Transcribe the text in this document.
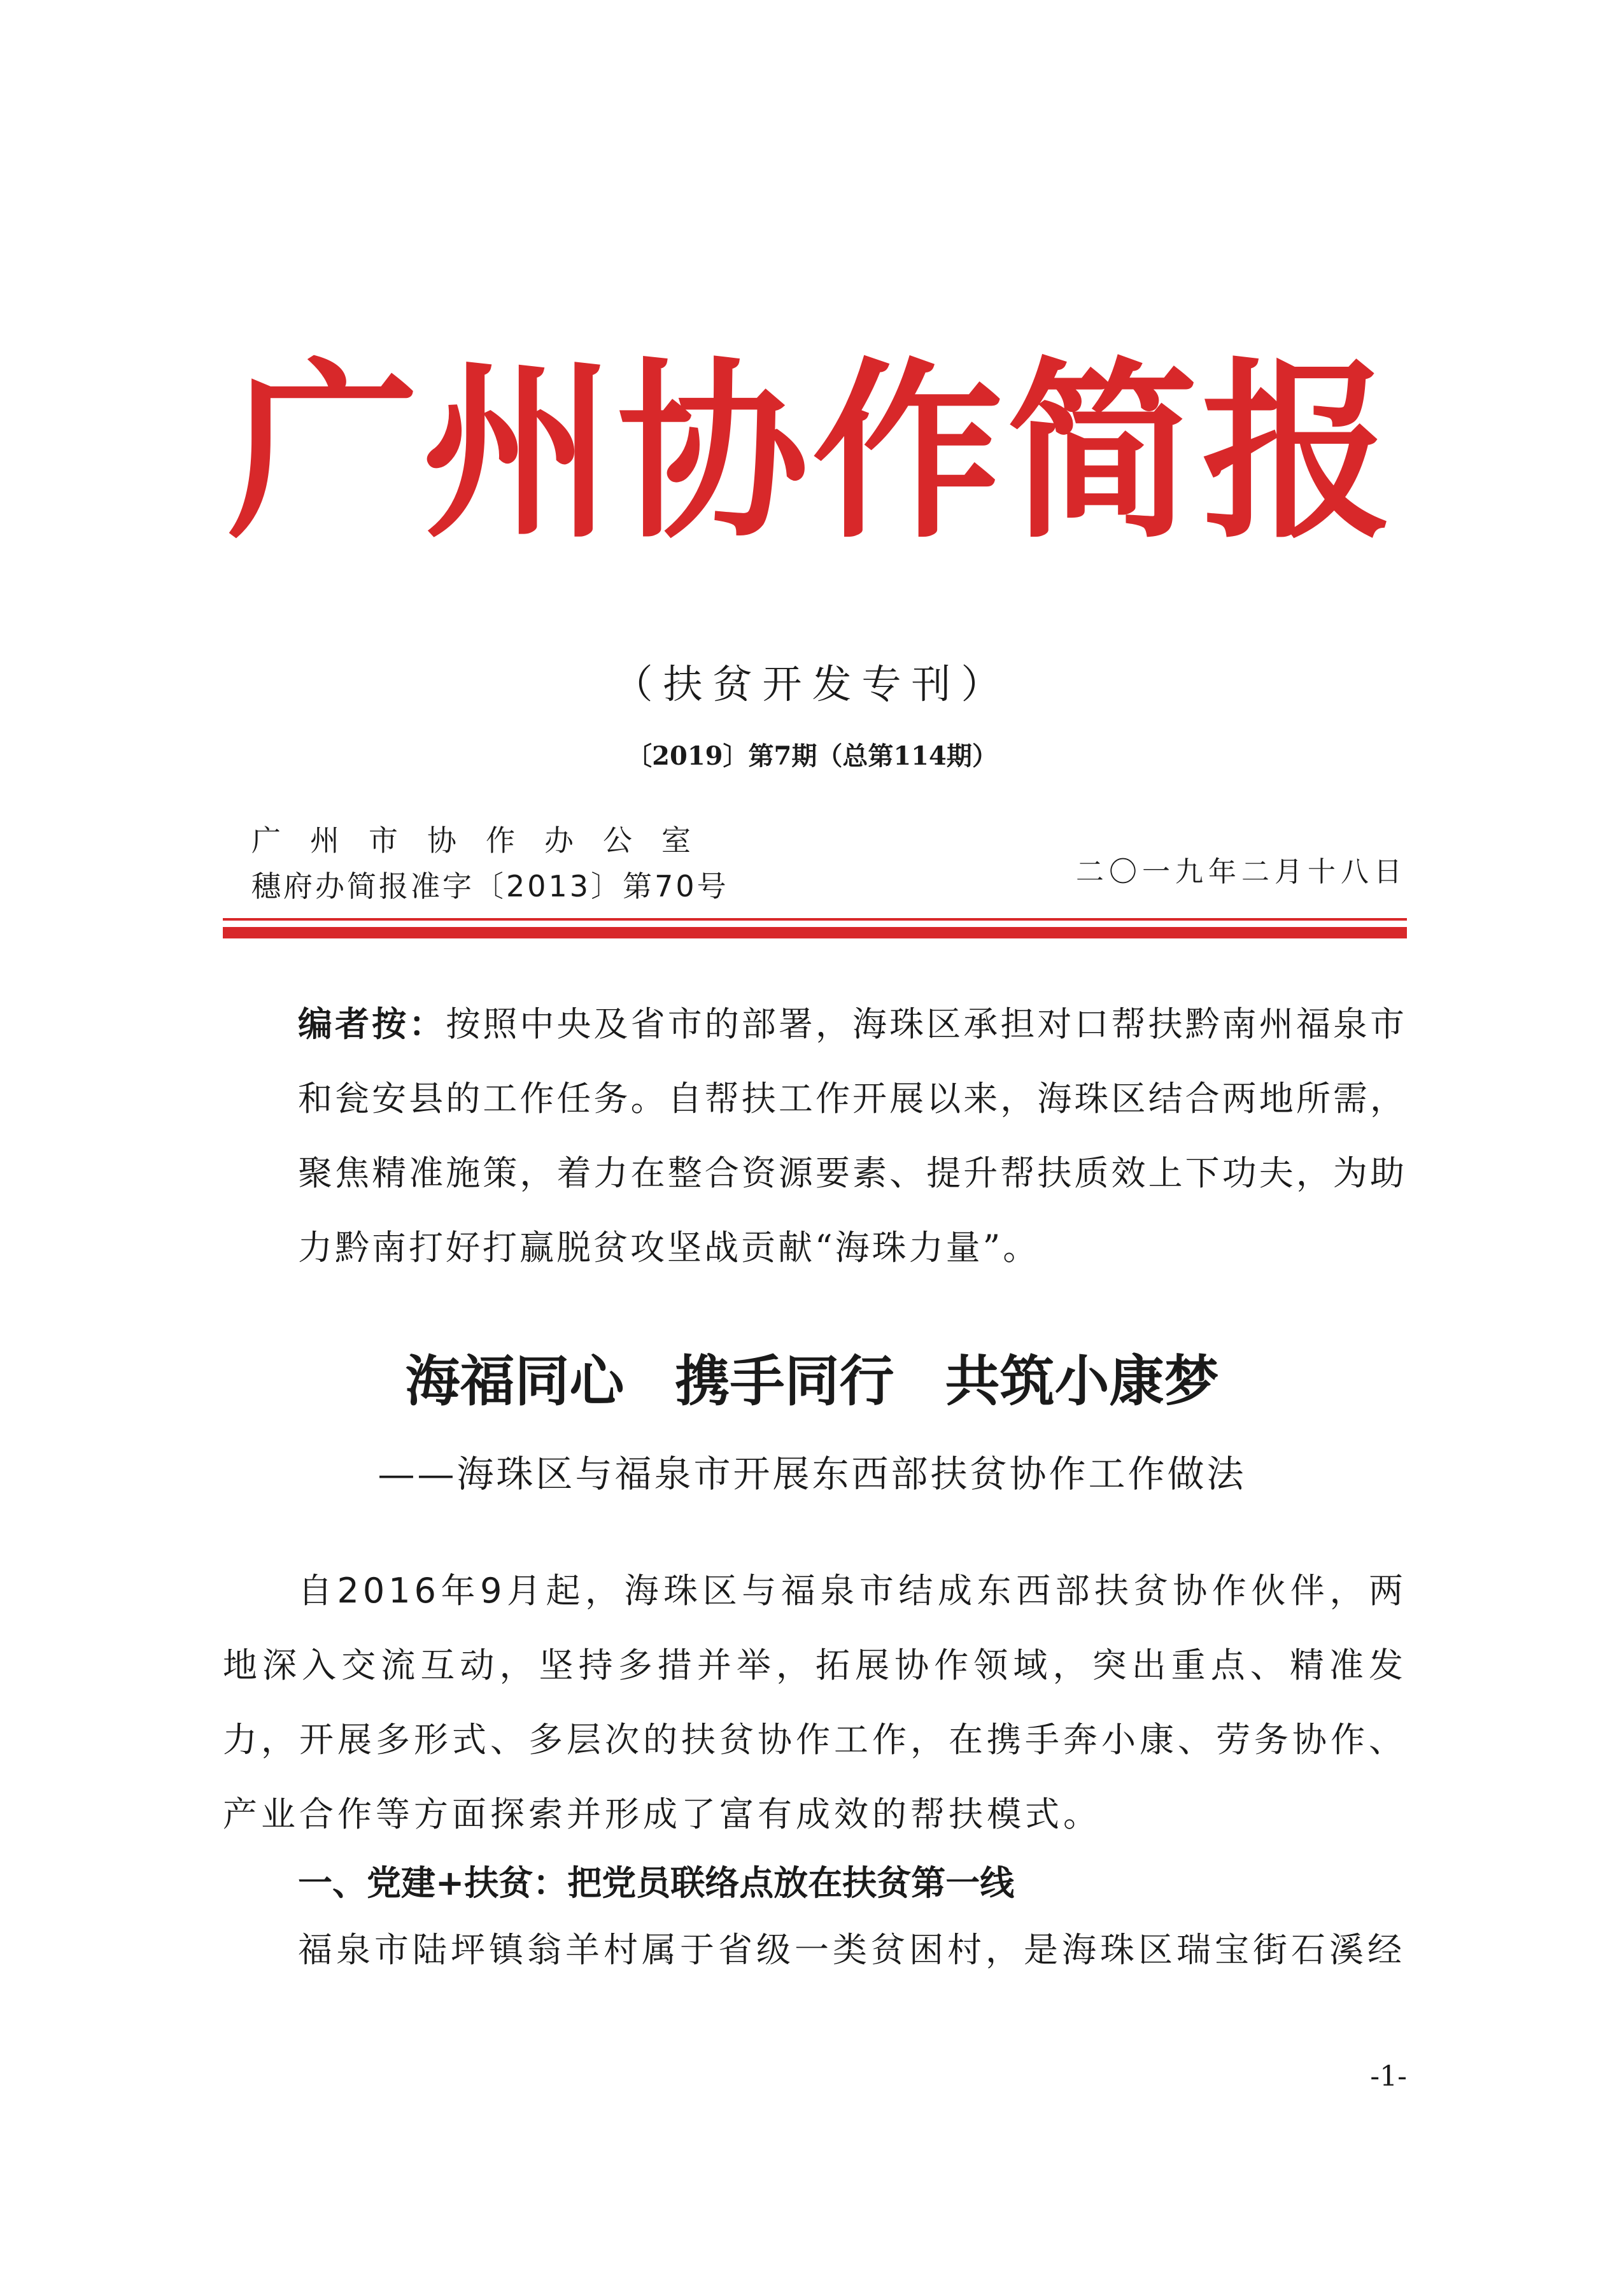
广州协作简报
（扶贫开发专刊）
〔2019〕第7期（总第114期）
广州市协作办公室
穗府办简报准字〔2013〕第70号	二〇一九年二月十八日
编者按：按照中央及省市的部署，海珠区承担对口帮扶黔南州福泉市和瓮安县的工作任务。自帮扶工作开展以来，海珠区结合两地所需，聚焦精准施策，着力在整合资源要素、提升帮扶质效上下功夫，为助力黔南打好打赢脱贫攻坚战贡献“海珠力量”。
海福同心 携手同行 共筑小康梦
——海珠区与福泉市开展东西部扶贫协作工作做法
自2016年9月起，海珠区与福泉市结成东西部扶贫协作伙伴，两地深入交流互动，坚持多措并举，拓展协作领域，突出重点、精准发力，开展多形式、多层次的扶贫协作工作，在携手奔小康、劳务协作、产业合作等方面探索并形成了富有成效的帮扶模式。
一、党建+扶贫：把党员联络点放在扶贫第一线
福泉市陆坪镇翁羊村属于省级一类贫困村，是海珠区瑞宝街石溪经
-1-
